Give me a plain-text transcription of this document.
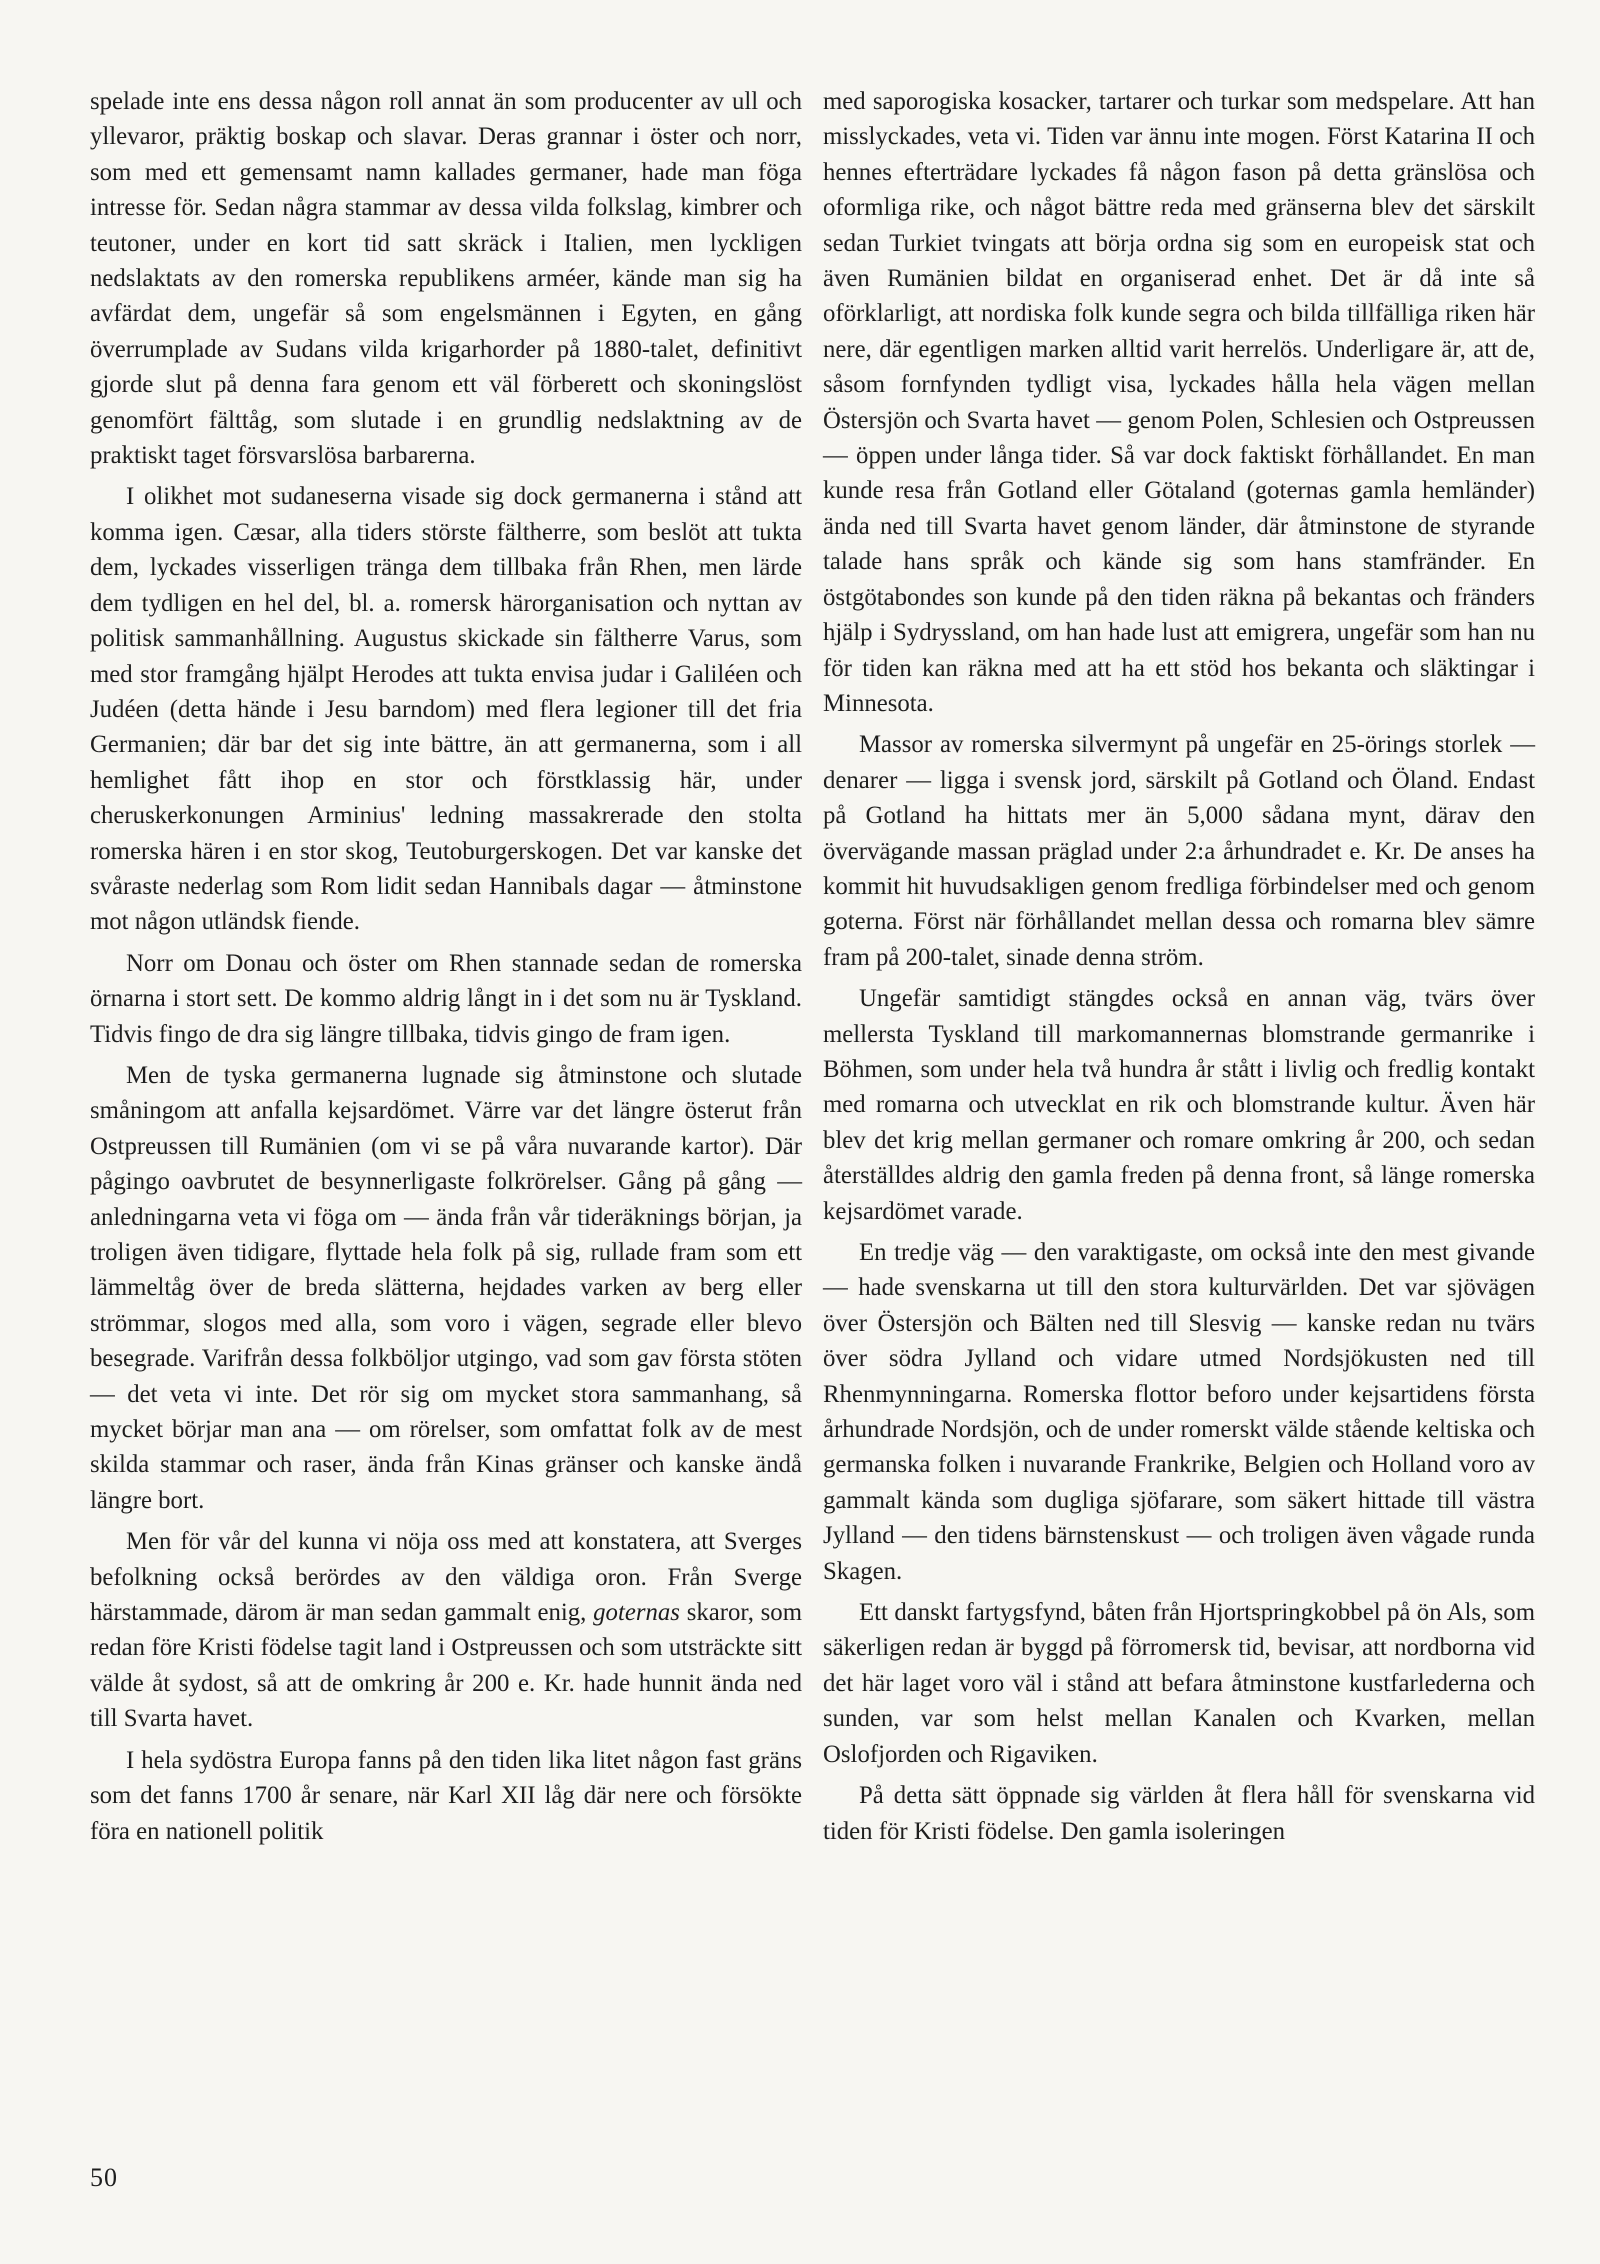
spelade inte ens dessa någon roll annat än som producenter av ull och yllevaror, präktig boskap och slavar. Deras grannar i öster och norr, som med ett gemensamt namn kallades germaner, hade man föga intresse för. Sedan några stammar av dessa vilda folkslag, kimbrer och teutoner, under en kort tid satt skräck i Italien, men lyckligen nedslaktats av den romerska republikens arméer, kände man sig ha avfärdat dem, ungefär så som engelsmännen i Egyten, en gång överrumplade av Sudans vilda krigarhorder på 1880-talet, definitivt gjorde slut på denna fara genom ett väl förberett och skoningslöst genomfört fälttåg, som slutade i en grundlig nedslaktning av de praktiskt taget försvarslösa barbarerna.

I olikhet mot sudaneserna visade sig dock germanerna i stånd att komma igen. Cæsar, alla tiders störste fältherre, som beslöt att tukta dem, lyckades visserligen tränga dem tillbaka från Rhen, men lärde dem tydligen en hel del, bl. a. romersk härorganisation och nyttan av politisk sammanhållning. Augustus skickade sin fältherre Varus, som med stor framgång hjälpt Herodes att tukta envisa judar i Galiléen och Judéen (detta hände i Jesu barndom) med flera legioner till det fria Germanien; där bar det sig inte bättre, än att germanerna, som i all hemlighet fått ihop en stor och förstklassig här, under cheruskerkonungen Arminius' ledning massakrerade den stolta romerska hären i en stor skog, Teutoburgerskogen. Det var kanske det svåraste nederlag som Rom lidit sedan Hannibals dagar — åtminstone mot någon utländsk fiende.

Norr om Donau och öster om Rhen stannade sedan de romerska örnarna i stort sett. De kommo aldrig långt in i det som nu är Tyskland. Tidvis fingo de dra sig längre tillbaka, tidvis gingo de fram igen.

Men de tyska germanerna lugnade sig åtminstone och slutade småningom att anfalla kejsardömet. Värre var det längre österut från Ostpreussen till Rumänien (om vi se på våra nuvarande kartor). Där pågingo oavbrutet de besynnerligaste folkrörelser. Gång på gång — anledningarna veta vi föga om — ända från vår tideräknings början, ja troligen även tidigare, flyttade hela folk på sig, rullade fram som ett lämmeltåg över de breda slätterna, hejdades varken av berg eller strömmar, slogos med alla, som voro i vägen, segrade eller blevo besegrade. Varifrån dessa folkböljor utgingo, vad som gav första stöten — det veta vi inte. Det rör sig om mycket stora sammanhang, så mycket börjar man ana — om rörelser, som omfattat folk av de mest skilda stammar och raser, ända från Kinas gränser och kanske ändå längre bort.

Men för vår del kunna vi nöja oss med att konstatera, att Sverges befolkning också berördes av den väldiga oron. Från Sverge härstammade, därom är man sedan gammalt enig, goternas skaror, som redan före Kristi födelse tagit land i Ostpreussen och som utsträckte sitt välde åt sydost, så att de omkring år 200 e. Kr. hade hunnit ända ned till Svarta havet.

I hela sydöstra Europa fanns på den tiden lika litet någon fast gräns som det fanns 1700 år senare, när Karl XII låg där nere och försökte föra en nationell politik

med saporogiska kosacker, tartarer och turkar som medspelare. Att han misslyckades, veta vi. Tiden var ännu inte mogen. Först Katarina II och hennes efterträdare lyckades få någon fason på detta gränslösa och oformliga rike, och något bättre reda med gränserna blev det särskilt sedan Turkiet tvingats att börja ordna sig som en europeisk stat och även Rumänien bildat en organiserad enhet. Det är då inte så oförklarligt, att nordiska folk kunde segra och bilda tillfälliga riken här nere, där egentligen marken alltid varit herrelös. Underligare är, att de, såsom fornfynden tydligt visa, lyckades hålla hela vägen mellan Östersjön och Svarta havet — genom Polen, Schlesien och Ostpreussen — öppen under långa tider. Så var dock faktiskt förhållandet. En man kunde resa från Gotland eller Götaland (goternas gamla hemländer) ända ned till Svarta havet genom länder, där åtminstone de styrande talade hans språk och kände sig som hans stamfränder. En östgötabondes son kunde på den tiden räkna på bekantas och fränders hjälp i Sydryssland, om han hade lust att emigrera, ungefär som han nu för tiden kan räkna med att ha ett stöd hos bekanta och släktingar i Minnesota.

Massor av romerska silvermynt på ungefär en 25-örings storlek — denarer — ligga i svensk jord, särskilt på Gotland och Öland. Endast på Gotland ha hittats mer än 5,000 sådana mynt, därav den övervägande massan präglad under 2:a århundradet e. Kr. De anses ha kommit hit huvudsakligen genom fredliga förbindelser med och genom goterna. Först när förhållandet mellan dessa och romarna blev sämre fram på 200-talet, sinade denna ström.

Ungefär samtidigt stängdes också en annan väg, tvärs över mellersta Tyskland till markomannernas blomstrande germanrike i Böhmen, som under hela två hundra år stått i livlig och fredlig kontakt med romarna och utvecklat en rik och blomstrande kultur. Även här blev det krig mellan germaner och romare omkring år 200, och sedan återställdes aldrig den gamla freden på denna front, så länge romerska kejsardömet varade.

En tredje väg — den varaktigaste, om också inte den mest givande — hade svenskarna ut till den stora kulturvärlden. Det var sjövägen över Östersjön och Bälten ned till Slesvig — kanske redan nu tvärs över södra Jylland och vidare utmed Nordsjökusten ned till Rhenmynningarna. Romerska flottor beforo under kejsartidens första århundrade Nordsjön, och de under romerskt välde stående keltiska och germanska folken i nuvarande Frankrike, Belgien och Holland voro av gammalt kända som dugliga sjöfarare, som säkert hittade till västra Jylland — den tidens bärnstenskust — och troligen även vågade runda Skagen.

Ett danskt fartygsfynd, båten från Hjortspringkobbel på ön Als, som säkerligen redan är byggd på förromersk tid, bevisar, att nordborna vid det här laget voro väl i stånd att befara åtminstone kustfarlederna och sunden, var som helst mellan Kanalen och Kvarken, mellan Oslofjorden och Rigaviken.

På detta sätt öppnade sig världen åt flera håll för svenskarna vid tiden för Kristi födelse. Den gamla isoleringen

50
